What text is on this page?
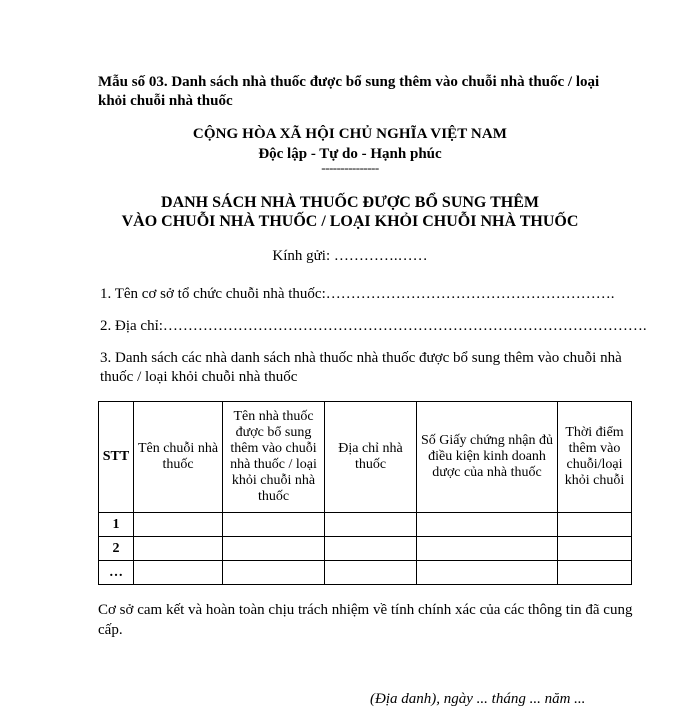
Mẫu số 03. Danh sách nhà thuốc được bổ sung thêm vào chuỗi nhà thuốc / loại khỏi chuỗi nhà thuốc
CỘNG HÒA XÃ HỘI CHỦ NGHĨA VIỆT NAM
Độc lập - Tự do - Hạnh phúc
---------------
DANH SÁCH NHÀ THUỐC ĐƯỢC BỔ SUNG THÊM
VÀO CHUỖI NHÀ THUỐC / LOẠI KHỎI CHUỖI NHÀ THUỐC
Kính gửi: ………….……
1. Tên cơ sở tổ chức chuỗi nhà thuốc:………………………………………………….
2. Địa chỉ:…………………………………………………………………………………….
3. Danh sách các nhà danh sách nhà thuốc nhà thuốc được bổ sung thêm vào chuỗi nhà thuốc / loại khỏi chuỗi nhà thuốc
STT	Tên chuỗi nhà thuốc	Tên nhà thuốc được bổ sung thêm vào chuỗi nhà thuốc / loại khỏi chuỗi nhà thuốc	Địa chỉ nhà thuốc	Số Giấy chứng nhận đủ điều kiện kinh doanh dược của nhà thuốc	Thời điểm thêm vào chuỗi/loại khỏi chuỗi
1					
2					
…					
Cơ sở cam kết và hoàn toàn chịu trách nhiệm về tính chính xác của các thông tin đã cung cấp.
(Địa danh), ngày ... tháng ... năm ...
